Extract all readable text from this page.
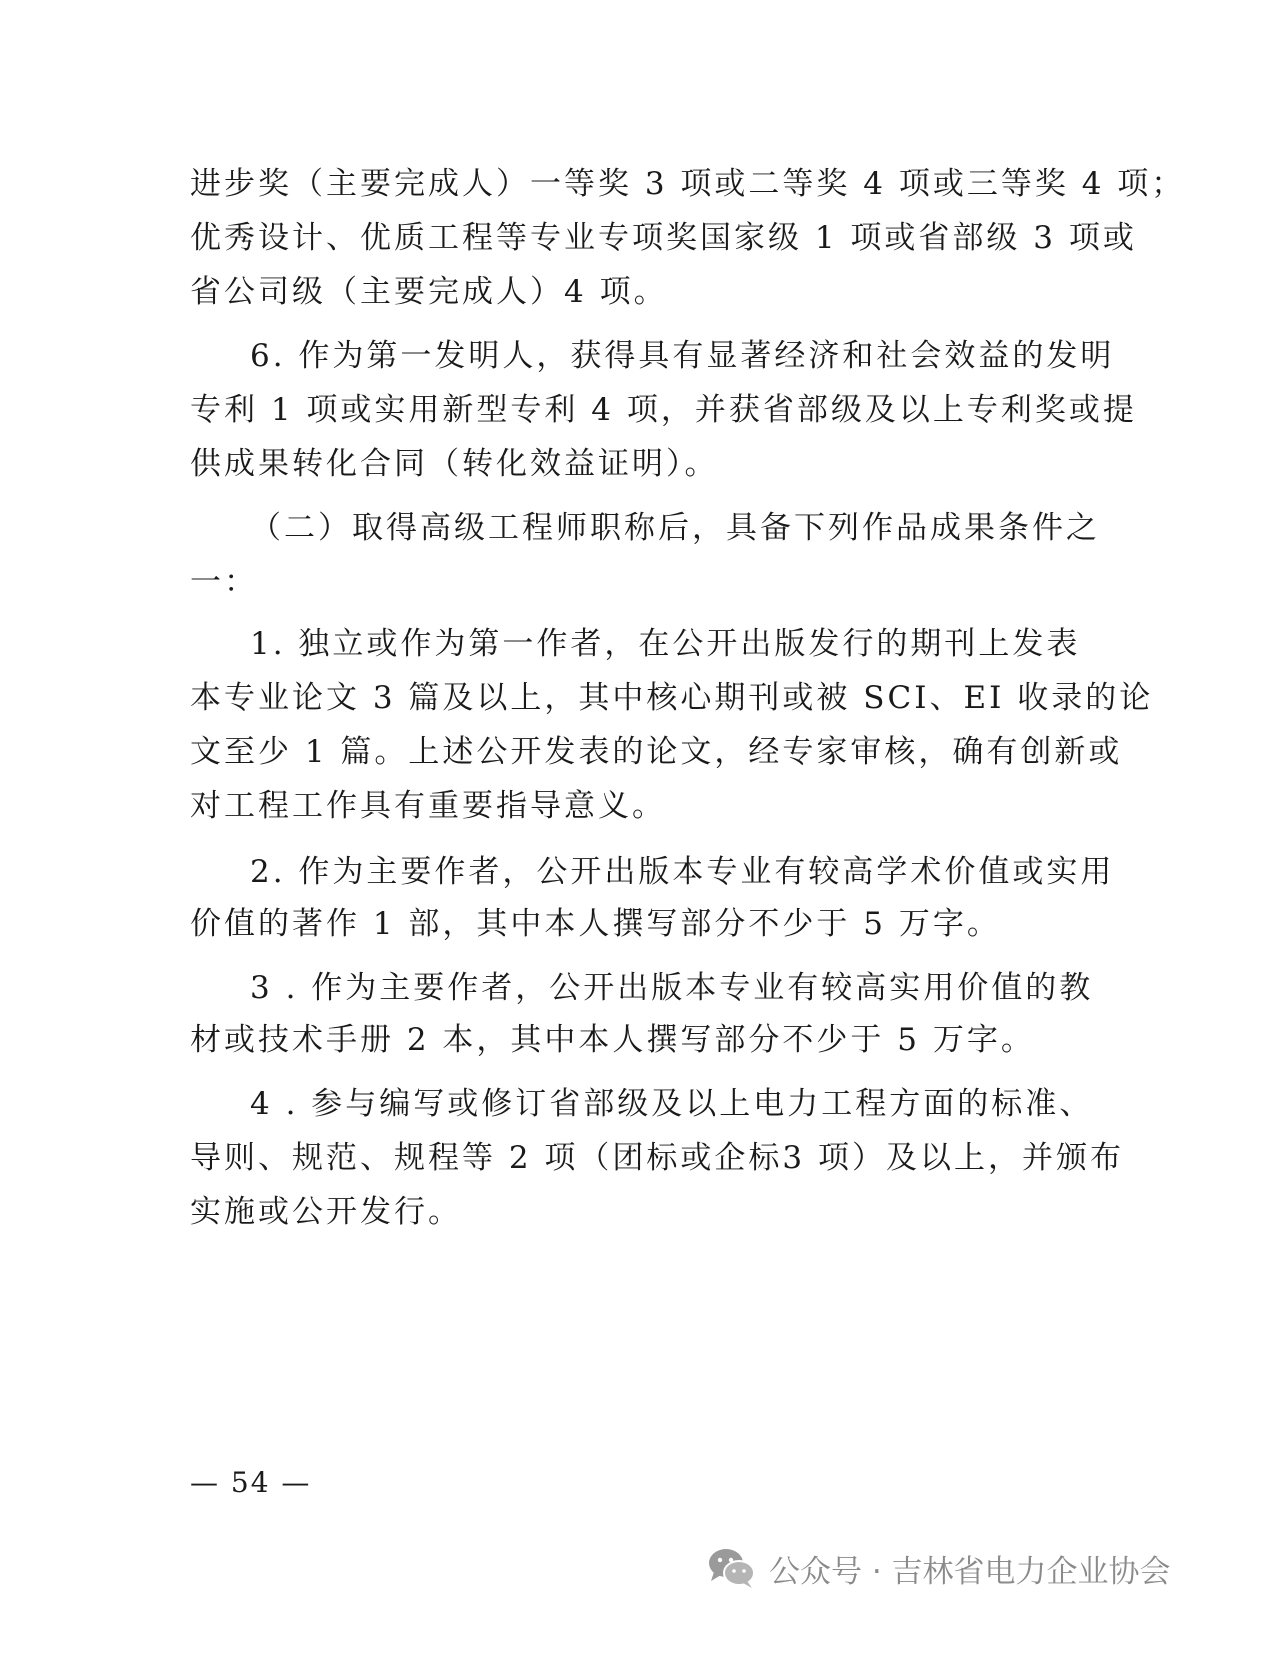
进步奖（主要完成人）一等奖 3 项或二等奖 4 项或三等奖 4 项；
优秀设计、优质工程等专业专项奖国家级 1 项或省部级 3 项或
省公司级（主要完成人）4 项。
6. 作为第一发明人，获得具有显著经济和社会效益的发明
专利 1 项或实用新型专利 4 项，并获省部级及以上专利奖或提
供成果转化合同（转化效益证明）。
（二）取得高级工程师职称后，具备下列作品成果条件之
一：
1. 独立或作为第一作者，在公开出版发行的期刊上发表
本专业论文 3 篇及以上，其中核心期刊或被 SCI、EI 收录的论
文至少 1 篇。上述公开发表的论文，经专家审核，确有创新或
对工程工作具有重要指导意义。
2. 作为主要作者，公开出版本专业有较高学术价值或实用
价值的著作 1 部，其中本人撰写部分不少于 5 万字。
3 . 作为主要作者，公开出版本专业有较高实用价值的教
材或技术手册 2 本，其中本人撰写部分不少于 5 万字。
4 . 参与编写或修订省部级及以上电力工程方面的标准、
导则、规范、规程等 2 项（团标或企标3 项）及以上，并颁布
实施或公开发行。
— 54 —
公众号 · 吉林省电力企业协会
